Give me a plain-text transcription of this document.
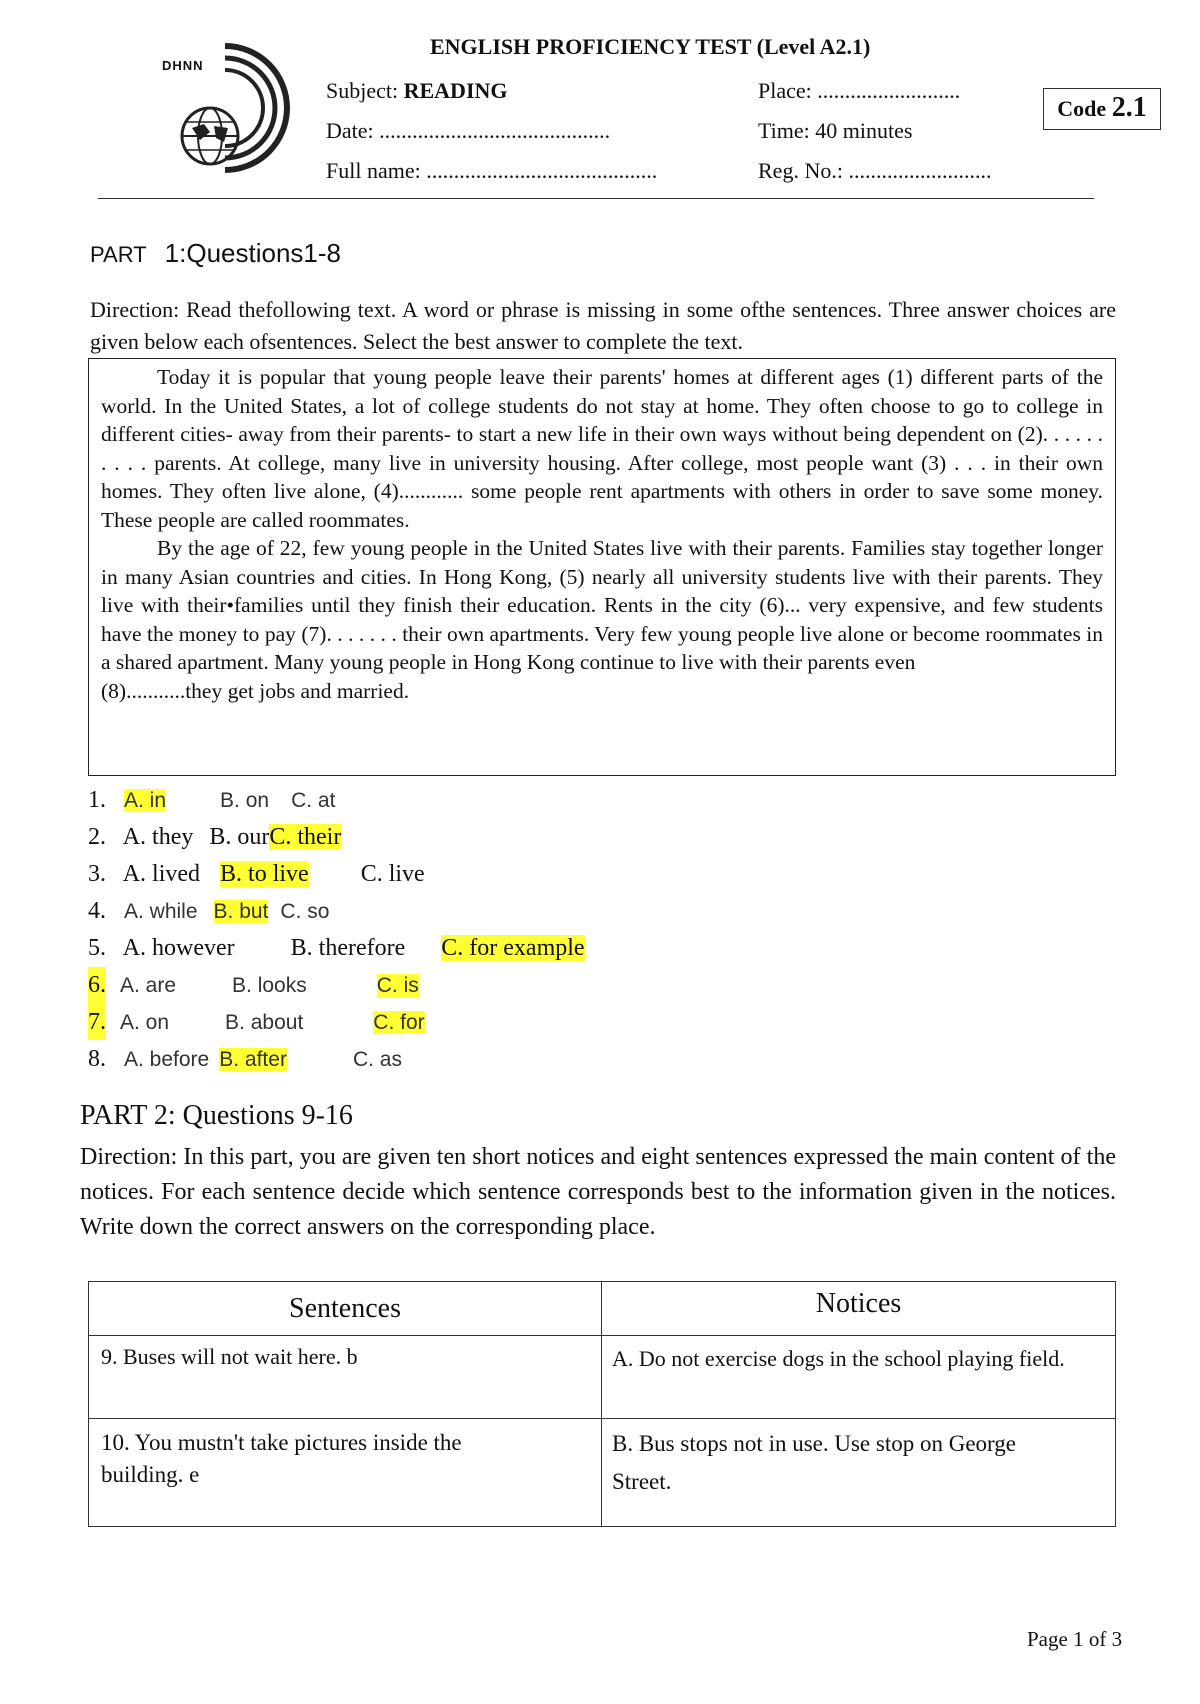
DHNN
ENGLISH PROFICIENCY TEST (Level A2.1)
Subject: READING	Place: ..........................
Date: ..........................................	Time: 40 minutes
Full name: ..........................................	Reg. No.: ..........................
Code 2.1
PART 1:Questions1-8
Direction: Read thefollowing text. A word or phrase is missing in some ofthe sentences. Three answer choices are given below each ofsentences. Select the best answer to complete the text.

Today it is popular that young people leave their parents' homes at different ages (1) different parts of the world. In the United States, a lot of college students do not stay at home. They often choose to go to college in different cities- away from their parents- to start a new life in their own ways without being dependent on (2). . . . . . . . . . parents. At college, many live in university housing. After college, most people want (3) . . . in their own homes. They often live alone, (4)............ some people rent apartments with others in order to save some money. These people are called roommates.

By the age of 22, few young people in the United States live with their parents. Families stay together longer in many Asian countries and cities. In Hong Kong, (5) nearly all university students live with their parents. They live with their•families until they finish their education. Rents in the city (6)... very expensive, and few students have the money to pay (7). . . . . . . their own apartments. Very few young people live alone or become roommates in a shared apartment. Many young people in Hong Kong continue to live with their parents even

(8)...........they get jobs and married.

1. A. in	B. on C. at
2. A. they B. ourC. their
3. A. lived B. to live C. live
4. A. while B. but C. so
5. A. however B. therefore C. for example
6. A. are	B. looks	C. is
7. A. on	B. about	C. for
8. A. before B. after	C. as
PART 2: Questions 9-16
Direction: In this part, you are given ten short notices and eight sentences expressed the main content of the notices. For each sentence decide which sentence corresponds best to the information given in the notices. Write down the correct answers on the corresponding place.
Sentences	Notices
9. Buses will not wait here. b	A. Do not exercise dogs in the school playing field.
10. You mustn't take pictures inside the building. e	B. Bus stops not in use. Use stop on George
Street.
Page 1 of 3
